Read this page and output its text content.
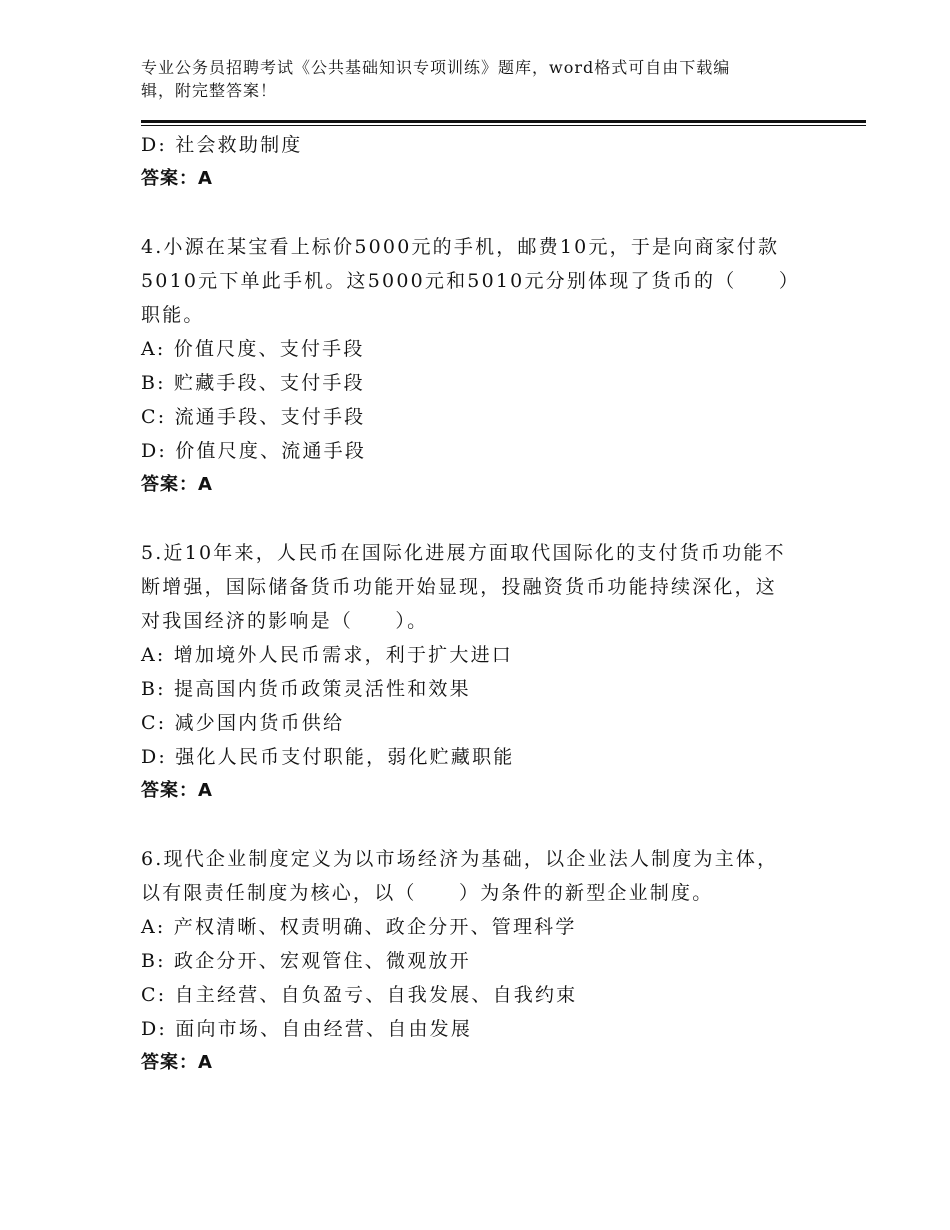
专业公务员招聘考试《公共基础知识专项训练》题库，word格式可自由下载编
辑，附完整答案！
D: 社会救助制度
答案：A
4.小源在某宝看上标价5000元的手机，邮费10元，于是向商家付款
5010元下单此手机。这5000元和5010元分别体现了货币的（　　）
职能。
A: 价值尺度、支付手段
B: 贮藏手段、支付手段
C: 流通手段、支付手段
D: 价值尺度、流通手段
答案：A
5.近10年来，人民币在国际化进展方面取代国际化的支付货币功能不
断增强，国际储备货币功能开始显现，投融资货币功能持续深化，这
对我国经济的影响是（　　）。
A: 增加境外人民币需求，利于扩大进口
B: 提高国内货币政策灵活性和效果
C: 减少国内货币供给
D: 强化人民币支付职能，弱化贮藏职能
答案：A
6.现代企业制度定义为以市场经济为基础，以企业法人制度为主体，
以有限责任制度为核心，以（　　）为条件的新型企业制度。
A: 产权清晰、权责明确、政企分开、管理科学
B: 政企分开、宏观管住、微观放开
C: 自主经营、自负盈亏、自我发展、自我约束
D: 面向市场、自由经营、自由发展
答案：A
